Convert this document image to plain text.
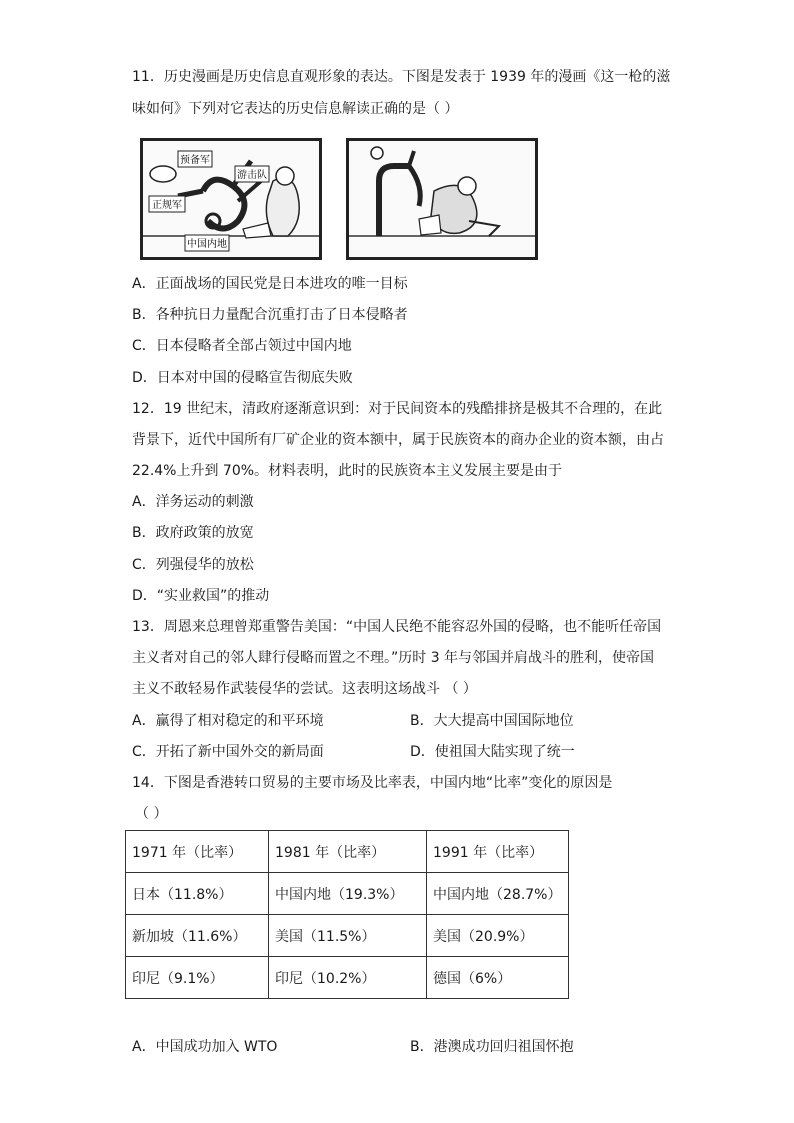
11．历史漫画是历史信息直观形象的表达。下图是发表于 1939 年的漫画《这一枪的滋
味如何》下列对它表达的历史信息解读正确的是（ ）
预备军
正规军
游击队
中国内地
A．正面战场的国民党是日本进攻的唯一目标
B．各种抗日力量配合沉重打击了日本侵略者
C．日本侵略者全部占领过中国内地
D．日本对中国的侵略宣告彻底失败
12．19 世纪末，清政府逐渐意识到：对于民间资本的残酷排挤是极其不合理的，在此
背景下，近代中国所有厂矿企业的资本额中，属于民族资本的商办企业的资本额，由占
22.4%上升到 70%。材料表明，此时的民族资本主义发展主要是由于
A．洋务运动的刺激
B．政府政策的放宽
C．列强侵华的放松
D．“实业救国”的推动
13．周恩来总理曾郑重警告美国：“中国人民绝不能容忍外国的侵略，也不能听任帝国
主义者对自己的邻人肆行侵略而置之不理。”历时 3 年与邻国并肩战斗的胜利，使帝国
主义不敢轻易作武装侵华的尝试。这表明这场战斗 （ ）
A．赢得了相对稳定的和平环境	B．大大提高中国国际地位
C．开拓了新中国外交的新局面	D．使祖国大陆实现了统一
14．下图是香港转口贸易的主要市场及比率表，中国内地“比率”变化的原因是
（ ）
1971 年（比率）	1981 年（比率）	1991 年（比率）
日本（11.8%）	中国内地（19.3%）	中国内地（28.7%）
新加坡（11.6%）	美国（11.5%）	美国（20.9%）
印尼（9.1%）	印尼（10.2%）	德国（6%）
A．中国成功加入 WTO	B．港澳成功回归祖国怀抱
